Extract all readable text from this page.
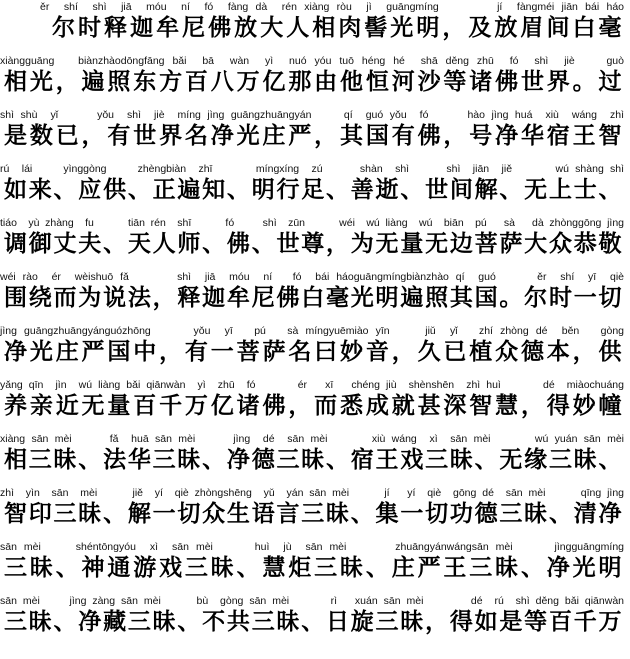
ěr  shí  shì  jiā  móu  ní  fó  fàng dà  rén xiàng ròu  jì  guāngmíng        jí  fàngméi jiān bái háo
尔时释迦牟尼佛放大人相肉髻光明，及放眉间白毫
xiàngguāng   biànzhàodōngfāng bǎi  bā  wàn  yì  nuó yóu tuō héng hé  shā děng zhū  fó  shì  jiè    guò
相光，遍照东方百八万亿那由他恒河沙等诸佛世界。过
shì shù  yǐ      yǒu  shì  jiè  míng jìng guāngzhuāngyán     qí  guó yǒu  fó      hào jìng huá  xiù  wáng  zhì
是数已，有世界名净光庄严，其国有佛，号净华宿王智
rú  lái     yìnggòng     zhèngbiàn  zhī       míngxíng  zú      shàn  shì      shì  jiān  jiě       wú shàng shì
如来、应供、正遍知、明行足、善逝、世间解、无上士、
tiáo  yù zhàng  fu      tiān rén  shī      fó     shì  zūn      wéi  wú liàng  wú  biān  pú   sà   dà zhònggōng jìng
调御丈夫、天人师、佛、世尊，为无量无边菩萨大众恭敬
wéi rào  ér  wèishuō fǎ       shì  jiā  móu  ní   fó  bái háoguāngmíngbiànzhào qí  guó      ěr  shí  yī  qiè
围绕而为说法，释迦牟尼佛白毫光明遍照其国。尔时一切
jìng guāngzhuāngyánguózhōng      yǒu  yī   pú   sà míngyuēmiào yīn     jiǔ  yǐ   zhí zhòng dé  běn   gòng
净光庄严国中，有一菩萨名曰妙音，久已植众德本，供
yǎng qīn  jìn  wú liàng bǎi qiānwàn  yì  zhū  fó       ér   xī   chéng jiù  shènshēn  zhì huì       dé  miàochuáng
养亲近无量百千万亿诸佛，而悉成就甚深智慧，得妙幢
xiàng sān mèi      fǎ  huā sān mèi      jìng  dé  sān mèi       xiù wáng  xì  sān mèi       wú yuán sān mèi
相三昧、法华三昧、净德三昧、宿王戏三昧、无缘三昧、
zhì  yìn  sān  mèi      jiě  yí  qiè zhòngshēng  yǔ  yán sān mèi      jí   yí  qiè  gōng dé  sān mèi      qīng jìng
智印三昧、解一切众生语言三昧、集一切功德三昧、清净
sān mèi     shéntōngyóu  xì  sān mèi      huì  jù  sān mèi       zhuāngyánwángsān mèi      jìngguāngmíng
三昧、神通游戏三昧、慧炬三昧、庄严王三昧、净光明
sān mèi     jìng zàng sān mèi      bù  gòng sān mèi       rì   xuán sān mèi        dé  rú  shì děng bǎi qiānwàn
三昧、净藏三昧、不共三昧、日旋三昧，得如是等百千万
